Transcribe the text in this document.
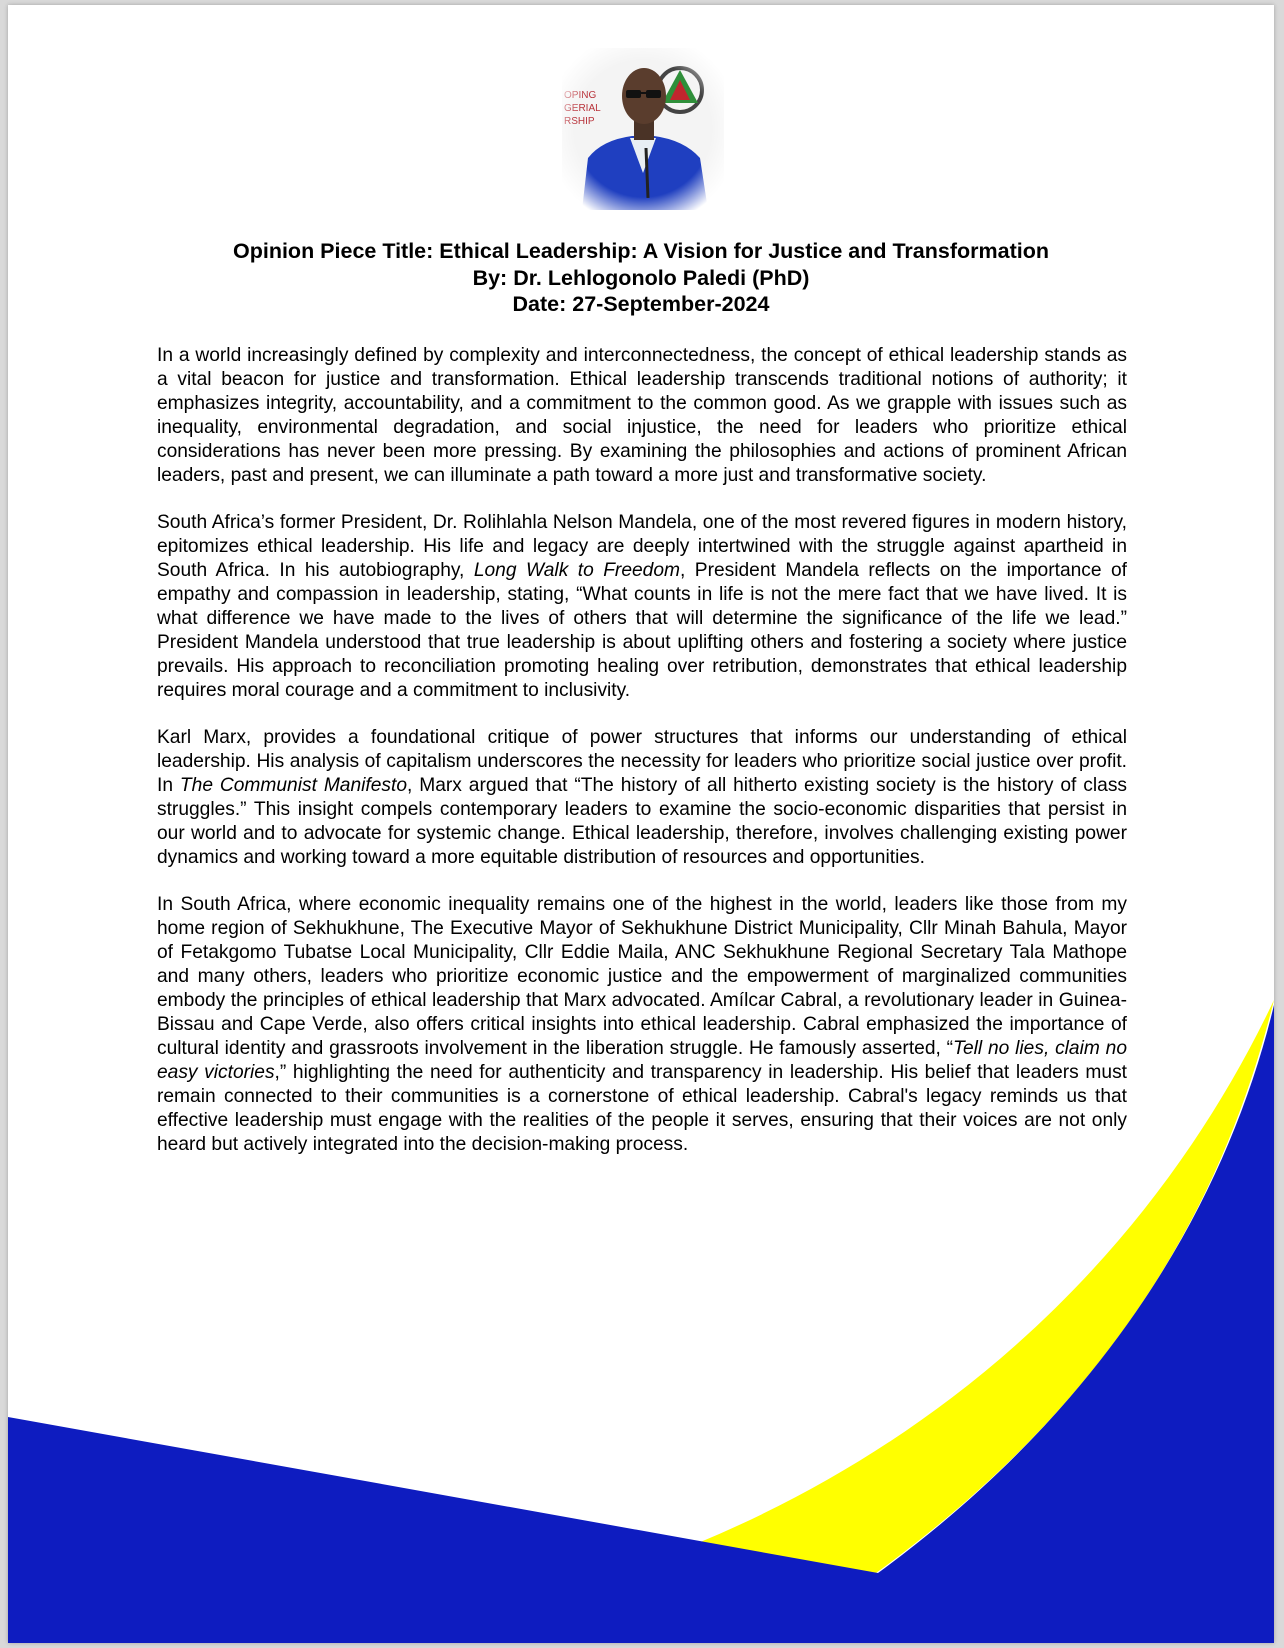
Opinion Piece Title: Ethical Leadership: A Vision for Justice and Transformation
By: Dr. Lehlogonolo Paledi (PhD)
Date: 27-September-2024

In a world increasingly defined by complexity and interconnectedness, the concept of ethical leadership stands as a vital beacon for justice and transformation. Ethical leadership transcends traditional notions of authority; it emphasizes integrity, accountability, and a commitment to the common good. As we grapple with issues such as inequality, environmental degradation, and social injustice, the need for leaders who prioritize ethical considerations has never been more pressing. By examining the philosophies and actions of prominent African leaders, past and present, we can illuminate a path toward a more just and transformative society.

South Africa’s former President, Dr. Rolihlahla Nelson Mandela, one of the most revered figures in modern history, epitomizes ethical leadership. His life and legacy are deeply intertwined with the struggle against apartheid in South Africa. In his autobiography, Long Walk to Freedom, President Mandela reflects on the importance of empathy and compassion in leadership, stating, “What counts in life is not the mere fact that we have lived. It is what difference we have made to the lives of others that will determine the significance of the life we lead.” President Mandela understood that true leadership is about uplifting others and fostering a society where justice prevails. His approach to reconciliation promoting healing over retribution, demonstrates that ethical leadership requires moral courage and a commitment to inclusivity.

Karl Marx, provides a foundational critique of power structures that informs our understanding of ethical leadership. His analysis of capitalism underscores the necessity for leaders who prioritize social justice over profit. In The Communist Manifesto, Marx argued that “The history of all hitherto existing society is the history of class struggles.” This insight compels contemporary leaders to examine the socio-economic disparities that persist in our world and to advocate for systemic change. Ethical leadership, therefore, involves challenging existing power dynamics and working toward a more equitable distribution of resources and opportunities.

In South Africa, where economic inequality remains one of the highest in the world, leaders like those from my home region of Sekhukhune, The Executive Mayor of Sekhukhune District Municipality, Cllr Minah Bahula, Mayor of Fetakgomo Tubatse Local Municipality, Cllr Eddie Maila, ANC Sekhukhune Regional Secretary Tala Mathope and many others, leaders who prioritize economic justice and the empowerment of marginalized communities embody the principles of ethical leadership that Marx advocated. Amílcar Cabral, a revolutionary leader in Guinea-Bissau and Cape Verde, also offers critical insights into ethical leadership. Cabral emphasized the importance of cultural identity and grassroots involvement in the liberation struggle. He famously asserted, “Tell no lies, claim no easy victories,” highlighting the need for authenticity and transparency in leadership. His belief that leaders must remain connected to their communities is a cornerstone of ethical leadership. Cabral's legacy reminds us that effective leadership must engage with the realities of the people it serves, ensuring that their voices are not only heard but actively integrated into the decision-making process.
